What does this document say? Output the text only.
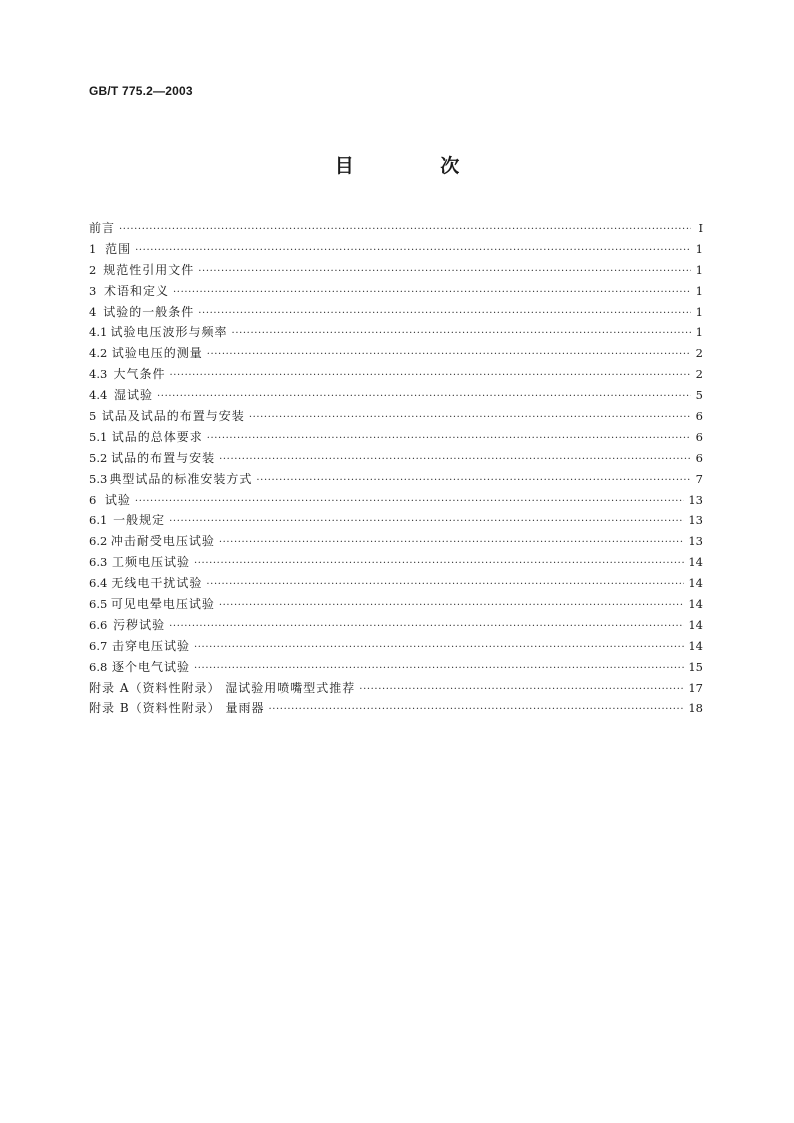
GB/T 775.2—2003
目 次
前言 ·····	I
1 范围 ·····	1
2 规范性引用文件 ·····	1
3 术语和定义 ·····	1
4 试验的一般条件 ·····	1
4.1 试验电压波形与频率 ·····	1
4.2 试验电压的测量 ·····	2
4.3 大气条件 ·····	2
4.4 湿试验 ·····	5
5 试品及试品的布置与安装 ·····	6
5.1 试品的总体要求 ·····	6
5.2 试品的布置与安装 ·····	6
5.3 典型试品的标准安装方式 ·····	7
6 试验 ·····	13
6.1 一般规定 ·····	13
6.2 冲击耐受电压试验 ·····	13
6.3 工频电压试验 ·····	14
6.4 无线电干扰试验 ·····	14
6.5 可见电晕电压试验 ·····	14
6.6 污秽试验 ·····	14
6.7 击穿电压试验 ·····	14
6.8 逐个电气试验 ·····	15
附录 A（资料性附录） 湿试验用喷嘴型式推荐 ·····	17
附录 B（资料性附录） 量雨器 ·····	18
